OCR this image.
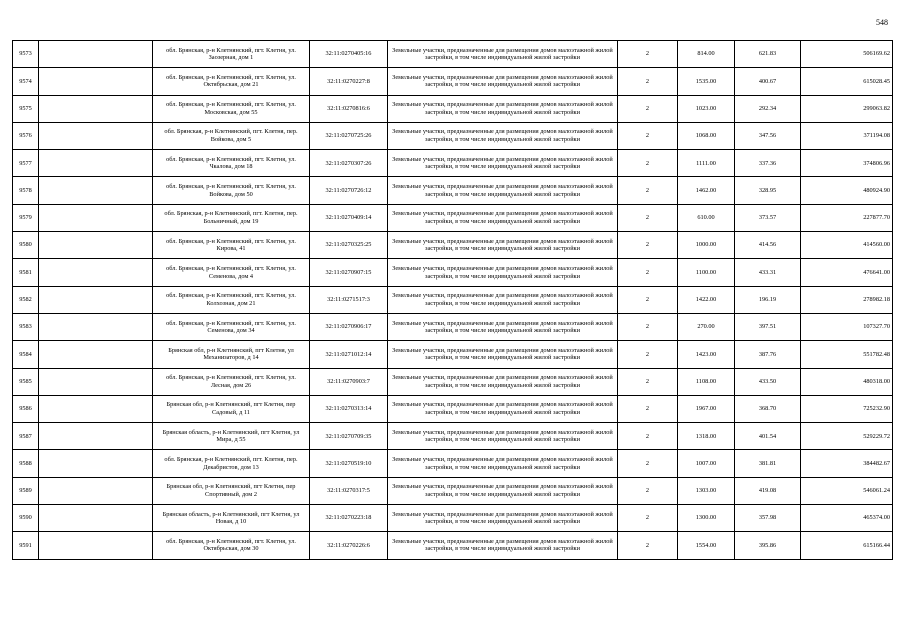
548
9573		обл. Брянская, р-н Клетнянский, пгт. Клетня, ул. Заозерная, дом 1	32:11:0270405:16	Земельные участки, предназначенные для размещения домов малоэтажной жилой застройки, в том числе индивидуальной жилой застройки	2	814.00	621.83	506169.62
9574		обл. Брянская, р-н Клетнянский, пгт. Клетня, ул. Октябрьская, дом 21	32:11:0270227:8	Земельные участки, предназначенные для размещения домов малоэтажной жилой застройки, в том числе индивидуальной жилой застройки	2	1535.00	400.67	615028.45
9575		обл. Брянская, р-н Клетнянский, пгт. Клетня, ул. Московская, дом 55	32:11:0270816:6	Земельные участки, предназначенные для размещения домов малоэтажной жилой застройки, в том числе индивидуальной жилой застройки	2	1023.00	292.34	299063.82
9576		обл. Брянская, р-н Клетнянский, пгт. Клетня, пер. Войкова, дом 5	32:11:0270725:26	Земельные участки, предназначенные для размещения домов малоэтажной жилой застройки, в том числе индивидуальной жилой застройки	2	1068.00	347.56	371194.08
9577		обл. Брянская, р-н Клетнянский, пгт. Клетня, ул. Чкалова, дом 18	32:11:0270307:26	Земельные участки, предназначенные для размещения домов малоэтажной жилой застройки, в том числе индивидуальной жилой застройки	2	1111.00	337.36	374806.96
9578		обл. Брянская, р-н Клетнянский, пгт. Клетня, ул. Войкова, дом 50	32:11:0270726:12	Земельные участки, предназначенные для размещения домов малоэтажной жилой застройки, в том числе индивидуальной жилой застройки	2	1462.00	328.95	480924.90
9579		обл. Брянская, р-н Клетнянский, пгт. Клетня, пер. Больничный, дом 19	32:11:0270409:14	Земельные участки, предназначенные для размещения домов малоэтажной жилой застройки, в том числе индивидуальной жилой застройки	2	610.00	373.57	227877.70
9580		обл. Брянская, р-н Клетнянский, пгт. Клетня, ул. Кирова, 41	32:11:0270325:25	Земельные участки, предназначенные для размещения домов малоэтажной жилой застройки, в том числе индивидуальной жилой застройки	2	1000.00	414.56	414560.00
9581		обл. Брянская, р-н Клетнянский, пгт. Клетня, ул. Семенова, дом 4	32:11:0270907:15	Земельные участки, предназначенные для размещения домов малоэтажной жилой застройки, в том числе индивидуальной жилой застройки	2	1100.00	433.31	476641.00
9582		обл. Брянская, р-н Клетнянский, пгт. Клетня, ул. Колхозная, дом 21	32:11:0271517:3	Земельные участки, предназначенные для размещения домов малоэтажной жилой застройки, в том числе индивидуальной жилой застройки	2	1422.00	196.19	278982.18
9583		обл. Брянская, р-н Клетнянский, пгт. Клетня, ул. Семенова, дом 34	32:11:0270906:17	Земельные участки, предназначенные для размещения домов малоэтажной жилой застройки, в том числе индивидуальной жилой застройки	2	270.00	397.51	107327.70
9584		Брянская обл, р-н Клетнянский, пгт Клетня, ул Механизаторов, д 14	32:11:0271012:14	Земельные участки, предназначенные для размещения домов малоэтажной жилой застройки, в том числе индивидуальной жилой застройки	2	1423.00	387.76	551782.48
9585		обл. Брянская, р-н Клетнянский, пгт. Клетня, ул. Лесная, дом 26	32:11:0270903:7	Земельные участки, предназначенные для размещения домов малоэтажной жилой застройки, в том числе индивидуальной жилой застройки	2	1108.00	433.50	480318.00
9586		Брянская обл, р-н Клетнянский, пгт Клетня, пер Садовый, д 11	32:11:0270313:14	Земельные участки, предназначенные для размещения домов малоэтажной жилой застройки, в том числе индивидуальной жилой застройки	2	1967.00	368.70	725232.90
9587		Брянская область, р-н Клетнянский, пгт Клетня, ул Мира, д 55	32:11:0270709:35	Земельные участки, предназначенные для размещения домов малоэтажной жилой застройки, в том числе индивидуальной жилой застройки	2	1318.00	401.54	529229.72
9588		обл. Брянская, р-н Клетнянский, пгт. Клетня, пер. Декабристов, дом 13	32:11:0270519:10	Земельные участки, предназначенные для размещения домов малоэтажной жилой застройки, в том числе индивидуальной жилой застройки	2	1007.00	381.81	384482.67
9589		Брянская обл, р-н Клетнянский, пгт Клетня, пер Спортивный, дом 2	32:11:0270317:5	Земельные участки, предназначенные для размещения домов малоэтажной жилой застройки, в том числе индивидуальной жилой застройки	2	1303.00	419.08	546061.24
9590		Брянская область, р-н Клетнянский, пгт Клетня, ул Новая, д 10	32:11:0270223:18	Земельные участки, предназначенные для размещения домов малоэтажной жилой застройки, в том числе индивидуальной жилой застройки	2	1300.00	357.98	465374.00
9591		обл. Брянская, р-н Клетнянский, пгт. Клетня, ул. Октябрьская, дом 30	32:11:0270226:6	Земельные участки, предназначенные для размещения домов малоэтажной жилой застройки, в том числе индивидуальной жилой застройки	2	1554.00	395.86	615166.44
